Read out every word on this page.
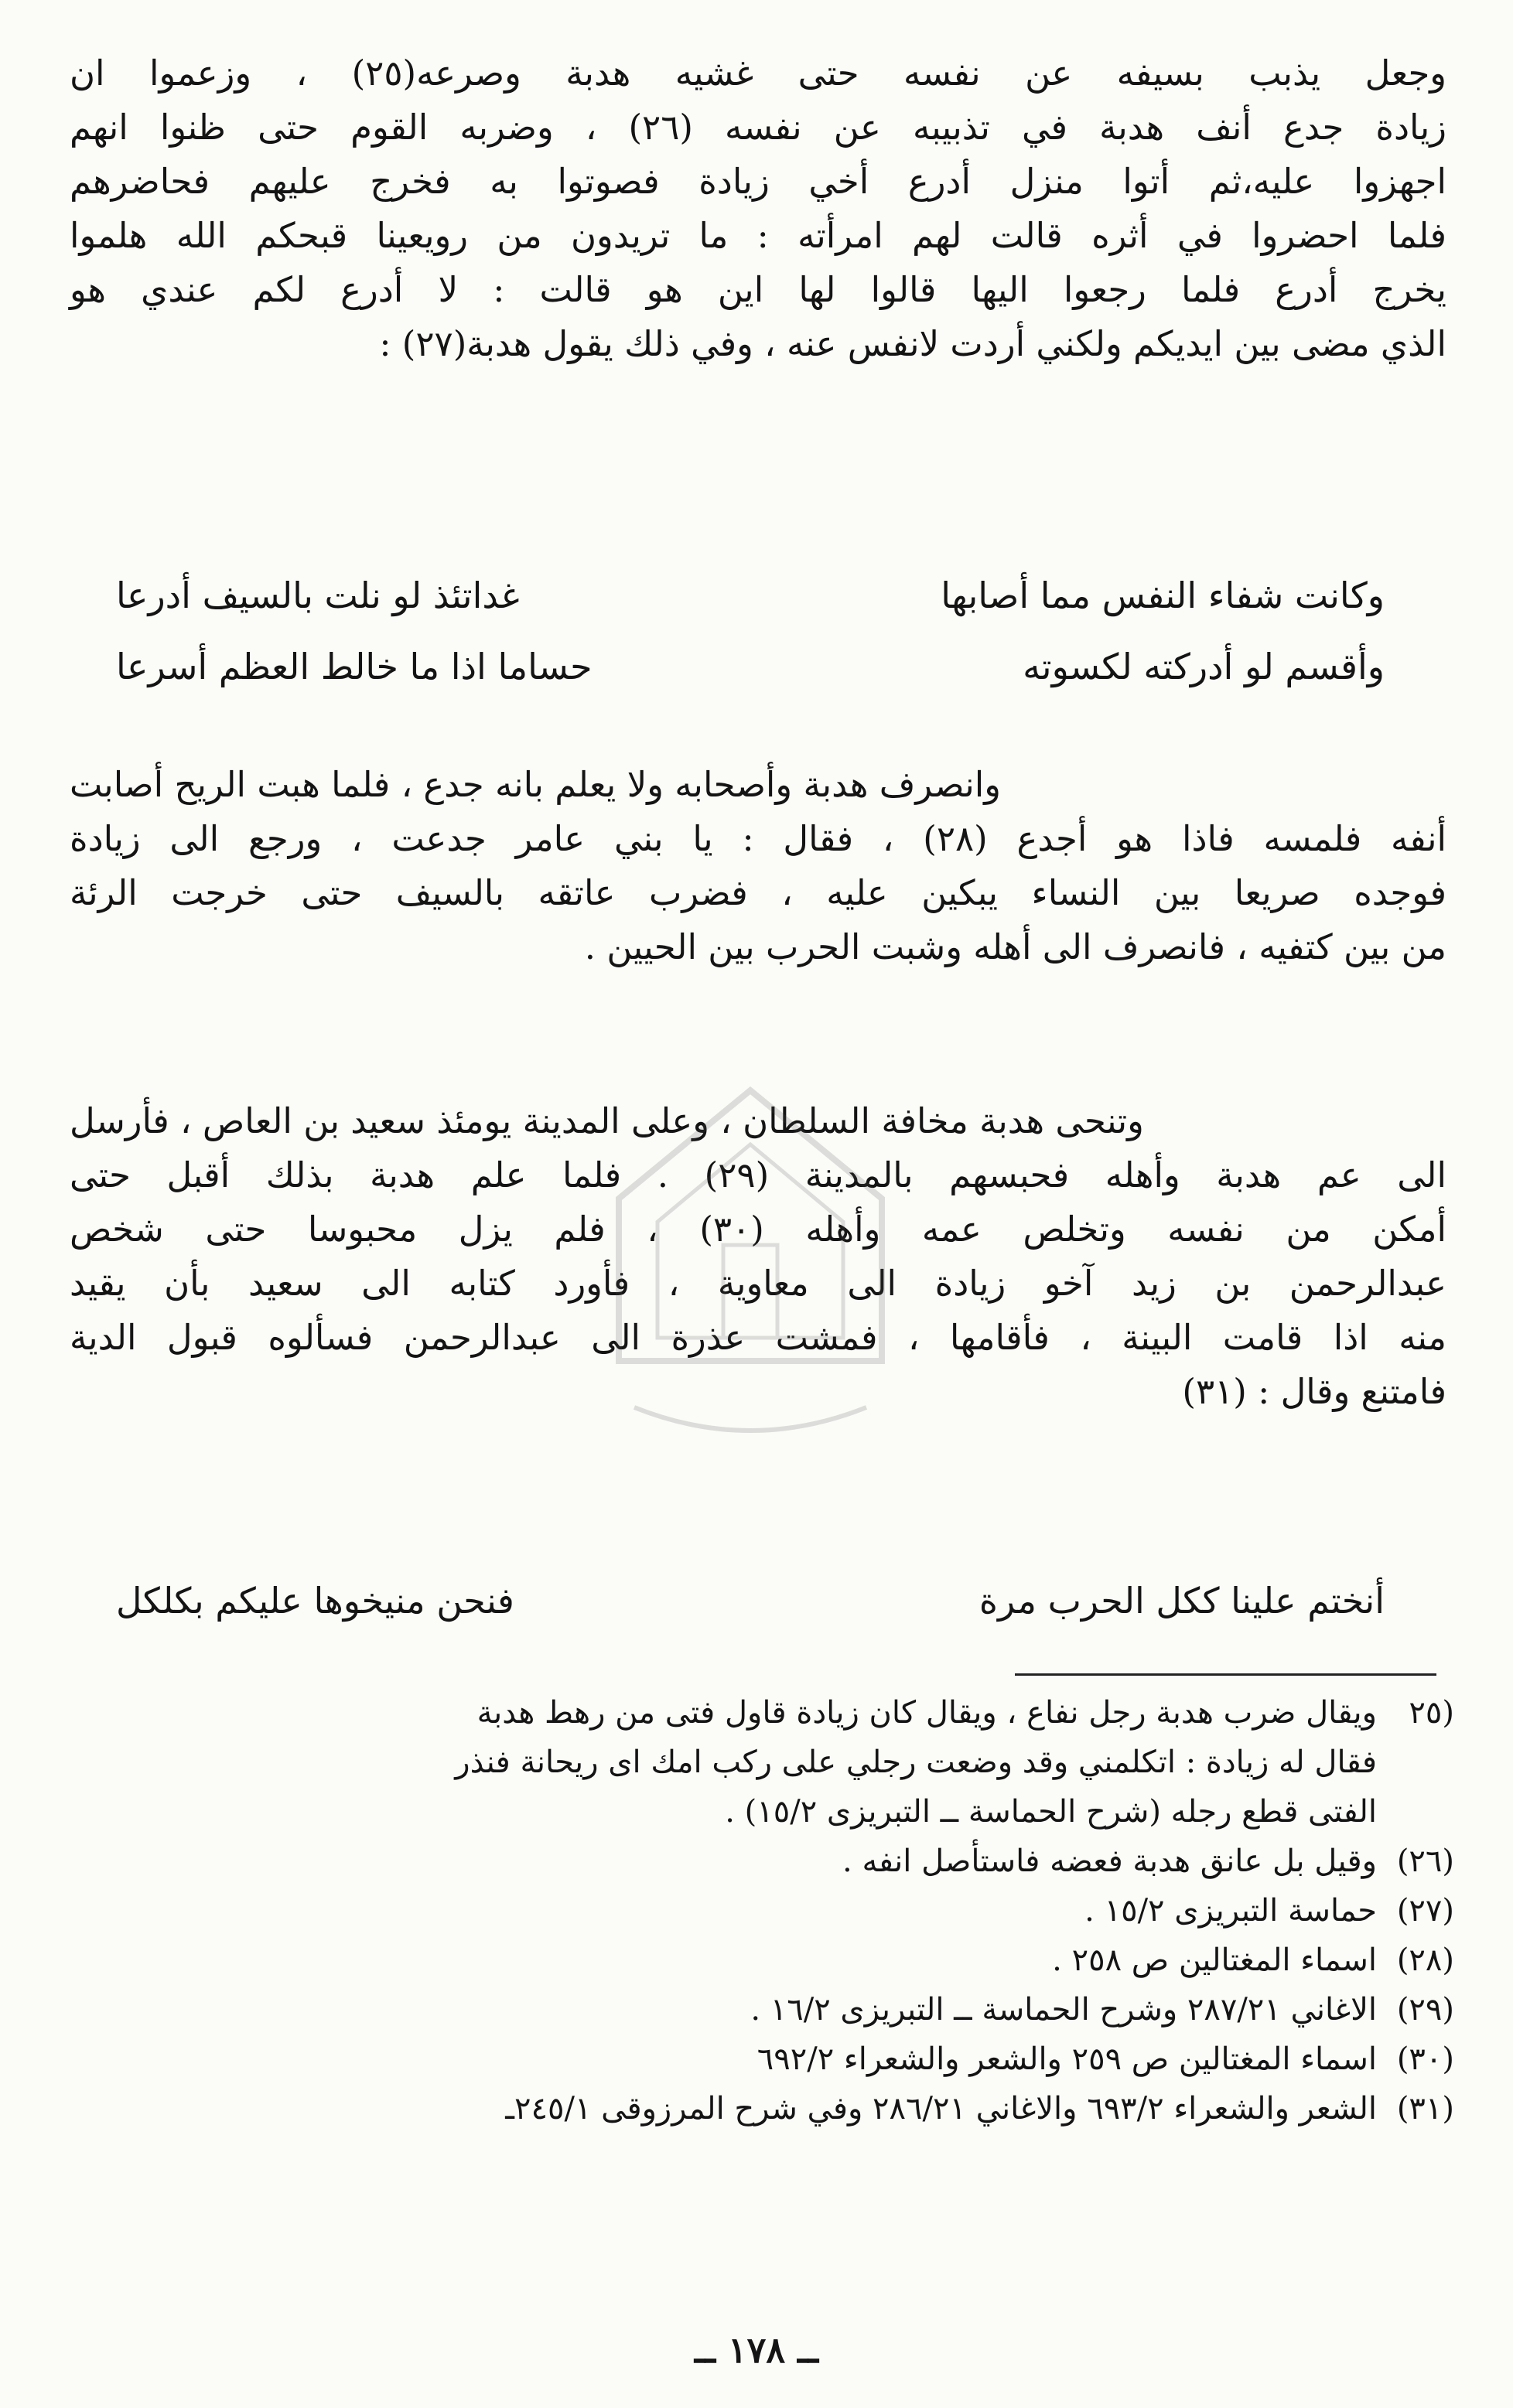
وجعل يذبب بسيفه عن نفسه حتى غشيه هدبة وصرعه(٢٥) ، وزعموا ان

زيادة جدع أنف هدبة في تذبيبه عن نفسه (٢٦) ، وضربه القوم حتى ظنوا انهم

اجهزوا عليه،ثم أتوا منزل أدرع أخي زيادة فصوتوا به فخرج عليهم فحاضرهم

فلما احضروا في أثره قالت لهم امرأته : ما تريدون من رويعينا قبحكم الله هلموا

يخرج أدرع فلما رجعوا اليها قالوا لها اين هو قالت : لا أدرع لكم عندي هو

الذي مضى بين ايديكم ولكني أردت لانفس عنه ، وفي ذلك يقول هدبة(٢٧) :

وكانت شفاء النفس مما أصابها
غداتئذ لو نلت بالسيف أدرعا
وأقسم لو أدركته لكسوته
حساما اذا ما خالط العظم أسرعا

وانصرف هدبة وأصحابه ولا يعلم بانه جدع ، فلما هبت الريح أصابت

أنفه فلمسه فاذا هو أجدع (٢٨) ، فقال : يا بني عامر جدعت ، ورجع الى زيادة

فوجده صريعا بين النساء يبكين عليه ، فضرب عاتقه بالسيف حتى خرجت الرئة

من بين كتفيه ، فانصرف الى أهله وشبت الحرب بين الحيين .

وتنحى هدبة مخافة السلطان ، وعلى المدينة يومئذ سعيد بن العاص ، فأرسل

الى عم هدبة وأهله فحبسهم بالمدينة (٢٩) . فلما علم هدبة بذلك أقبل حتى

أمكن من نفسه وتخلص عمه وأهله (٣٠) ، فلم يزل محبوسا حتى شخص

عبدالرحمن بن زيد آخو زيادة الى معاوية ، فأورد كتابه الى سعيد بأن يقيد

منه اذا قامت البينة ، فأقامها ، فمشت عذرة الى عبدالرحمن فسألوه قبول الدية

فامتنع وقال : (٣١)

أنختم علينا ككل الحرب مرة
فنحن منيخوها عليكم بكلكل
(٢٥
ويقال ضرب هدبة رجل نفاع ، ويقال كان زيادة قاول فتى من رهط هدبة
فقال له زيادة : اتكلمني وقد وضعت رجلي على ركب امك اى ريحانة فنذر
الفتى قطع رجله (شرح الحماسة ــ التبريزى ١٥/٢) .
(٢٦)
وقيل بل عانق هدبة فعضه فاستأصل انفه .
(٢٧)
حماسة التبريزى ١٥/٢ .
(٢٨)
اسماء المغتالين ص ٢٥٨ .
(٢٩)
الاغاني ٢٨٧/٢١ وشرح الحماسة ــ التبريزى ١٦/٢ .
(٣٠)
اسماء المغتالين ص ٢٥٩ والشعر والشعراء ٦٩٢/٢
(٣١)
الشعر والشعراء ٦٩٣/٢ والاغاني ٢٨٦/٢١ وفي شرح المرزوقى ٢٤٥/١ـ
ــ ١٧٨ ــ
